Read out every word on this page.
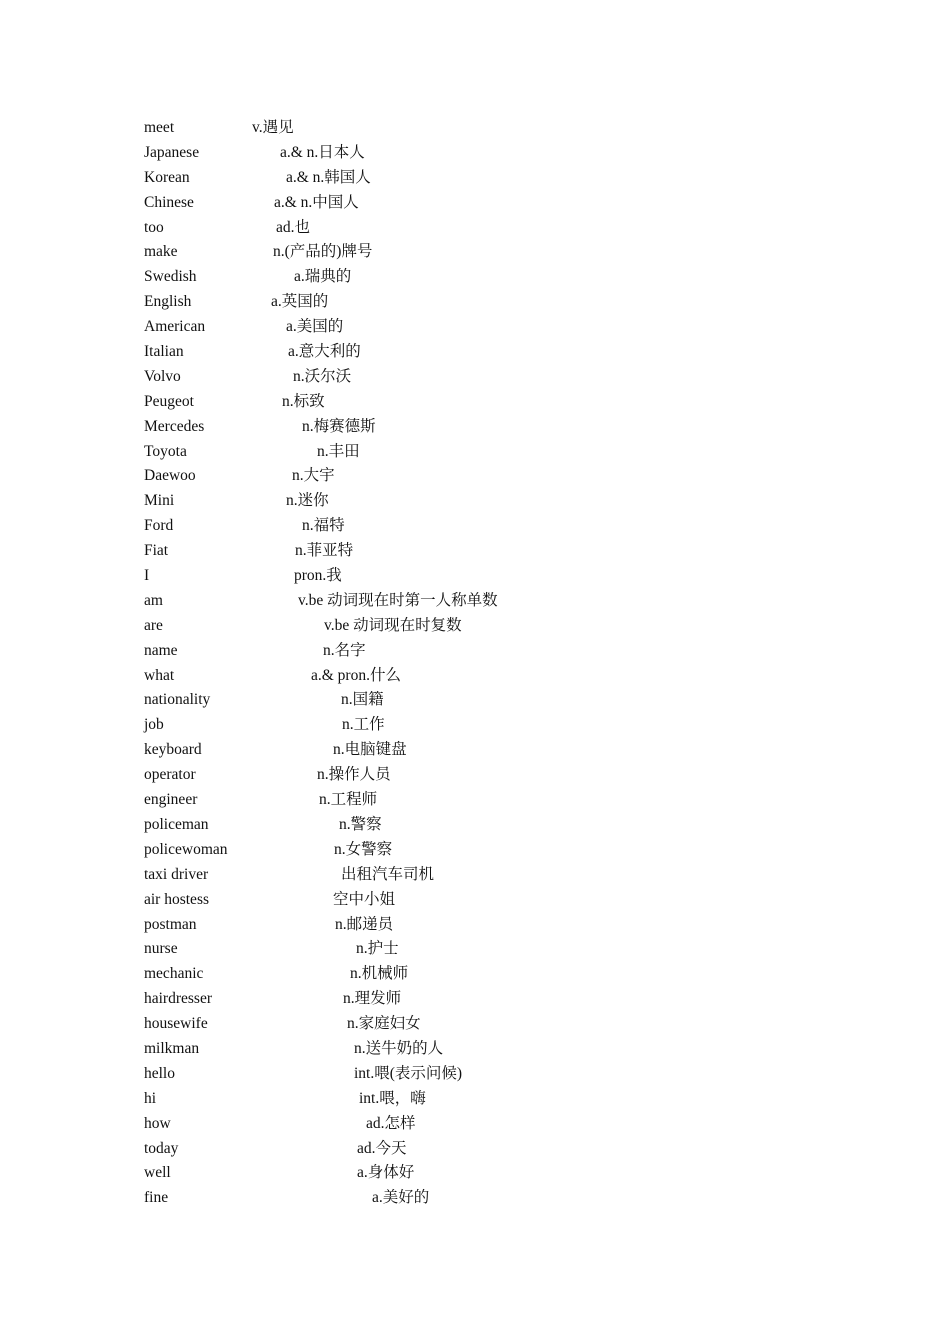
meet	v.遇见
Japanese	a.& n.日本人
Korean	a.& n.韩国人
Chinese	a.& n.中国人
too	ad.也
make	n.(产品的)牌号
Swedish	a.瑞典的
English	a.英国的
American	a.美国的
Italian	a.意大利的
Volvo	n.沃尔沃
Peugeot	n.标致
Mercedes	n.梅赛德斯
Toyota	n.丰田
Daewoo	n.大宇
Mini	n.迷你
Ford	n.福特
Fiat	n.菲亚特
I	pron.我
am	v.be 动词现在时第一人称单数
are	v.be 动词现在时复数
name	n.名字
what	a.& pron.什么
nationality	n.国籍
job	n.工作
keyboard	n.电脑键盘
operator	n.操作人员
engineer	n.工程师
policeman	n.警察
policewoman	n.女警察
taxi driver	出租汽车司机
air hostess	空中小姐
postman	n.邮递员
nurse	n.护士
mechanic	n.机械师
hairdresser	n.理发师
housewife	n.家庭妇女
milkman	n.送牛奶的人
hello	int.喂(表示问候)
hi	int.喂，嗨
how	ad.怎样
today	ad.今天
well	a.身体好
fine	a.美好的
